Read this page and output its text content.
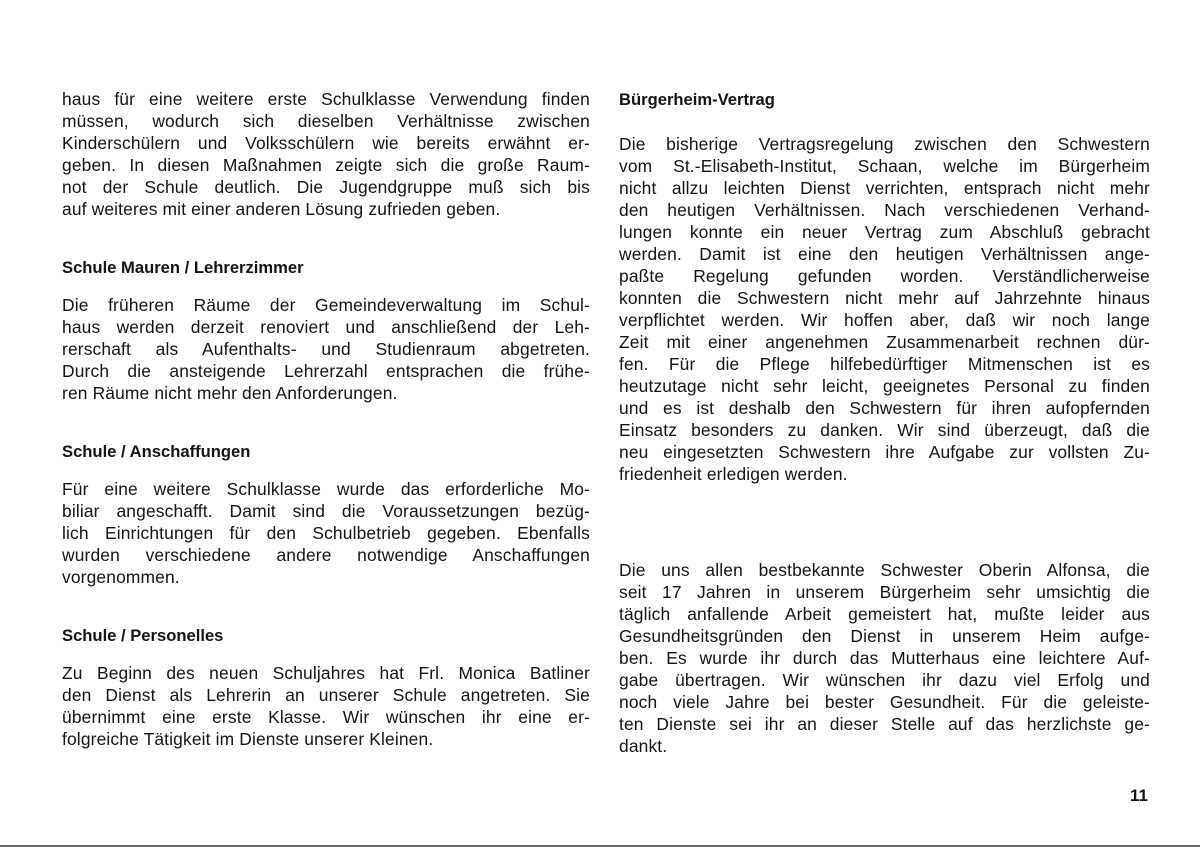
haus für eine weitere erste Schulklasse Verwendung finden
müssen, wodurch sich dieselben Verhältnisse zwischen
Kinderschülern und Volksschülern wie bereits erwähnt er-
geben. In diesen Maßnahmen zeigte sich die große Raum-
not der Schule deutlich. Die Jugendgruppe muß sich bis
auf weiteres mit einer anderen Lösung zufrieden geben.

Schule Mauren / Lehrerzimmer

Die früheren Räume der Gemeindeverwaltung im Schul-
haus werden derzeit renoviert und anschließend der Leh-
rerschaft als Aufenthalts- und Studienraum abgetreten.
Durch die ansteigende Lehrerzahl entsprachen die frühe-
ren Räume nicht mehr den Anforderungen.

Schule / Anschaffungen

Für eine weitere Schulklasse wurde das erforderliche Mo-
biliar angeschafft. Damit sind die Voraussetzungen bezüg-
lich Einrichtungen für den Schulbetrieb gegeben. Ebenfalls
wurden verschiedene andere notwendige Anschaffungen
vorgenommen.

Schule / Personelles

Zu Beginn des neuen Schuljahres hat Frl. Monica Batliner
den Dienst als Lehrerin an unserer Schule angetreten. Sie
übernimmt eine erste Klasse. Wir wünschen ihr eine er-
folgreiche Tätigkeit im Dienste unserer Kleinen.

Bürgerheim-Vertrag

Die bisherige Vertragsregelung zwischen den Schwestern
vom St.-Elisabeth-Institut, Schaan, welche im Bürgerheim
nicht allzu leichten Dienst verrichten, entsprach nicht mehr
den heutigen Verhältnissen. Nach verschiedenen Verhand-
lungen konnte ein neuer Vertrag zum Abschluß gebracht
werden. Damit ist eine den heutigen Verhältnissen ange-
paßte Regelung gefunden worden. Verständlicherweise
konnten die Schwestern nicht mehr auf Jahrzehnte hinaus
verpflichtet werden. Wir hoffen aber, daß wir noch lange
Zeit mit einer angenehmen Zusammenarbeit rechnen dür-
fen. Für die Pflege hilfebedürftiger Mitmenschen ist es
heutzutage nicht sehr leicht, geeignetes Personal zu finden
und es ist deshalb den Schwestern für ihren aufopfernden
Einsatz besonders zu danken. Wir sind überzeugt, daß die
neu eingesetzten Schwestern ihre Aufgabe zur vollsten Zu-
friedenheit erledigen werden.

Die uns allen bestbekannte Schwester Oberin Alfonsa, die
seit 17 Jahren in unserem Bürgerheim sehr umsichtig die
täglich anfallende Arbeit gemeistert hat, mußte leider aus
Gesundheitsgründen den Dienst in unserem Heim aufge-
ben. Es wurde ihr durch das Mutterhaus eine leichtere Auf-
gabe übertragen. Wir wünschen ihr dazu viel Erfolg und
noch viele Jahre bei bester Gesundheit. Für die geleiste-
ten Dienste sei ihr an dieser Stelle auf das herzlichste ge-
dankt.

11
